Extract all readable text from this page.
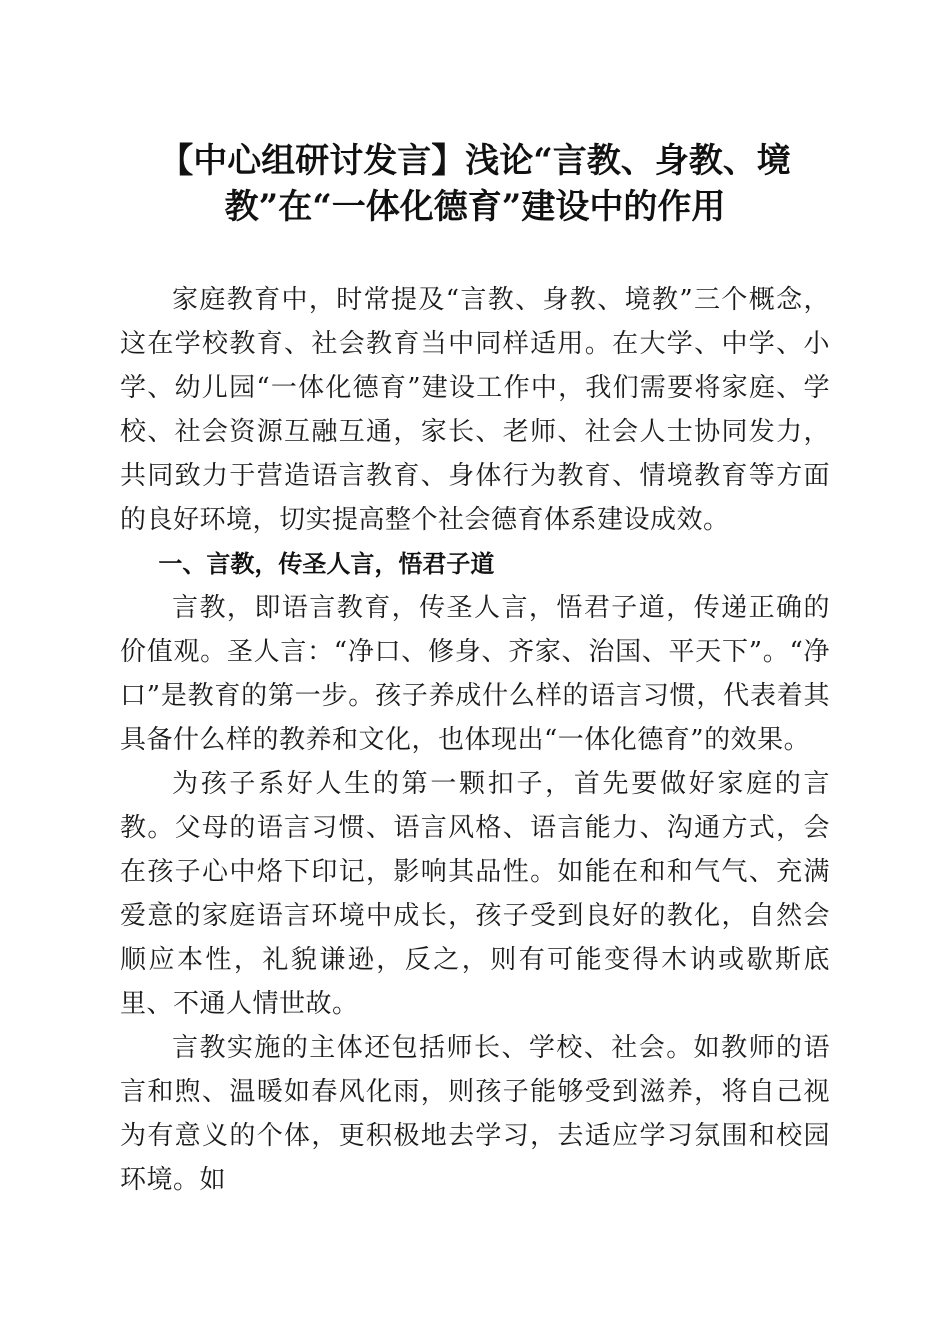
【中心组研讨发言】浅论“言教、身教、境
教”在“一体化德育”建设中的作用

家庭教育中，时常提及“言教、身教、境教”三个概念，这在学校教育、社会教育当中同样适用。在大学、中学、小学、幼儿园“一体化德育”建设工作中，我们需要将家庭、学校、社会资源互融互通，家长、老师、社会人士协同发力，共同致力于营造语言教育、身体行为教育、情境教育等方面的良好环境，切实提高整个社会德育体系建设成效。

一、言教，传圣人言，悟君子道

言教，即语言教育，传圣人言，悟君子道，传递正确的价值观。圣人言：“净口、修身、齐家、治国、平天下”。“净口”是教育的第一步。孩子养成什么样的语言习惯，代表着其具备什么样的教养和文化，也体现出“一体化德育”的效果。

为孩子系好人生的第一颗扣子，首先要做好家庭的言教。父母的语言习惯、语言风格、语言能力、沟通方式，会在孩子心中烙下印记，影响其品性。如能在和和气气、充满爱意的家庭语言环境中成长，孩子受到良好的教化，自然会顺应本性，礼貌谦逊，反之，则有可能变得木讷或歇斯底里、不通人情世故。

言教实施的主体还包括师长、学校、社会。如教师的语言和煦、温暖如春风化雨，则孩子能够受到滋养，将自己视为有意义的个体，更积极地去学习，去适应学习氛围和校园环境。如
